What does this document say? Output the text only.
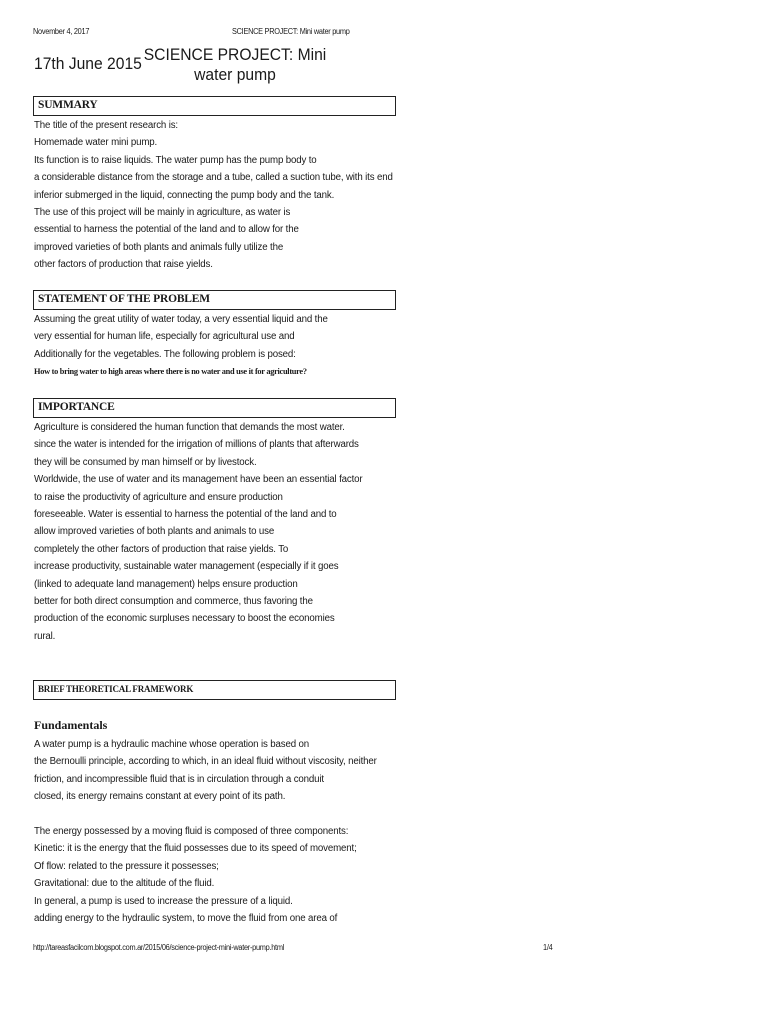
November 4, 2017	SCIENCE PROJECT: Mini water pump
17th June 2015 SCIENCE PROJECT: Mini
water pump
SUMMARY
The title of the present research is:
Homemade water mini pump.
Its function is to raise liquids. The water pump has the pump body to
a considerable distance from the storage and a tube, called a suction tube, with its end
inferior submerged in the liquid, connecting the pump body and the tank.
The use of this project will be mainly in agriculture, as water is
essential to harness the potential of the land and to allow for the
improved varieties of both plants and animals fully utilize the
other factors of production that raise yields.
STATEMENT OF THE PROBLEM
Assuming the great utility of water today, a very essential liquid and the
very essential for human life, especially for agricultural use and
Additionally for the vegetables. The following problem is posed:
How to bring water to high areas where there is no water and use it for agriculture?
IMPORTANCE
Agriculture is considered the human function that demands the most water.
since the water is intended for the irrigation of millions of plants that afterwards
they will be consumed by man himself or by livestock.
Worldwide, the use of water and its management have been an essential factor
to raise the productivity of agriculture and ensure production
foreseeable. Water is essential to harness the potential of the land and to
allow improved varieties of both plants and animals to use
completely the other factors of production that raise yields. To
increase productivity, sustainable water management (especially if it goes
(linked to adequate land management) helps ensure production
better for both direct consumption and commerce, thus favoring the
production of the economic surpluses necessary to boost the economies
rural.
BRIEF THEORETICAL FRAMEWORK
Fundamentals
A water pump is a hydraulic machine whose operation is based on
the Bernoulli principle, according to which, in an ideal fluid without viscosity, neither
friction, and incompressible fluid that is in circulation through a conduit
closed, its energy remains constant at every point of its path.
The energy possessed by a moving fluid is composed of three components:
Kinetic: it is the energy that the fluid possesses due to its speed of movement;
Of flow: related to the pressure it possesses;
Gravitational: due to the altitude of the fluid.
In general, a pump is used to increase the pressure of a liquid.
adding energy to the hydraulic system, to move the fluid from one area of
http://tareasfacilcom.blogspot.com.ar/2015/06/science-project-mini-water-pump.html	1/4
